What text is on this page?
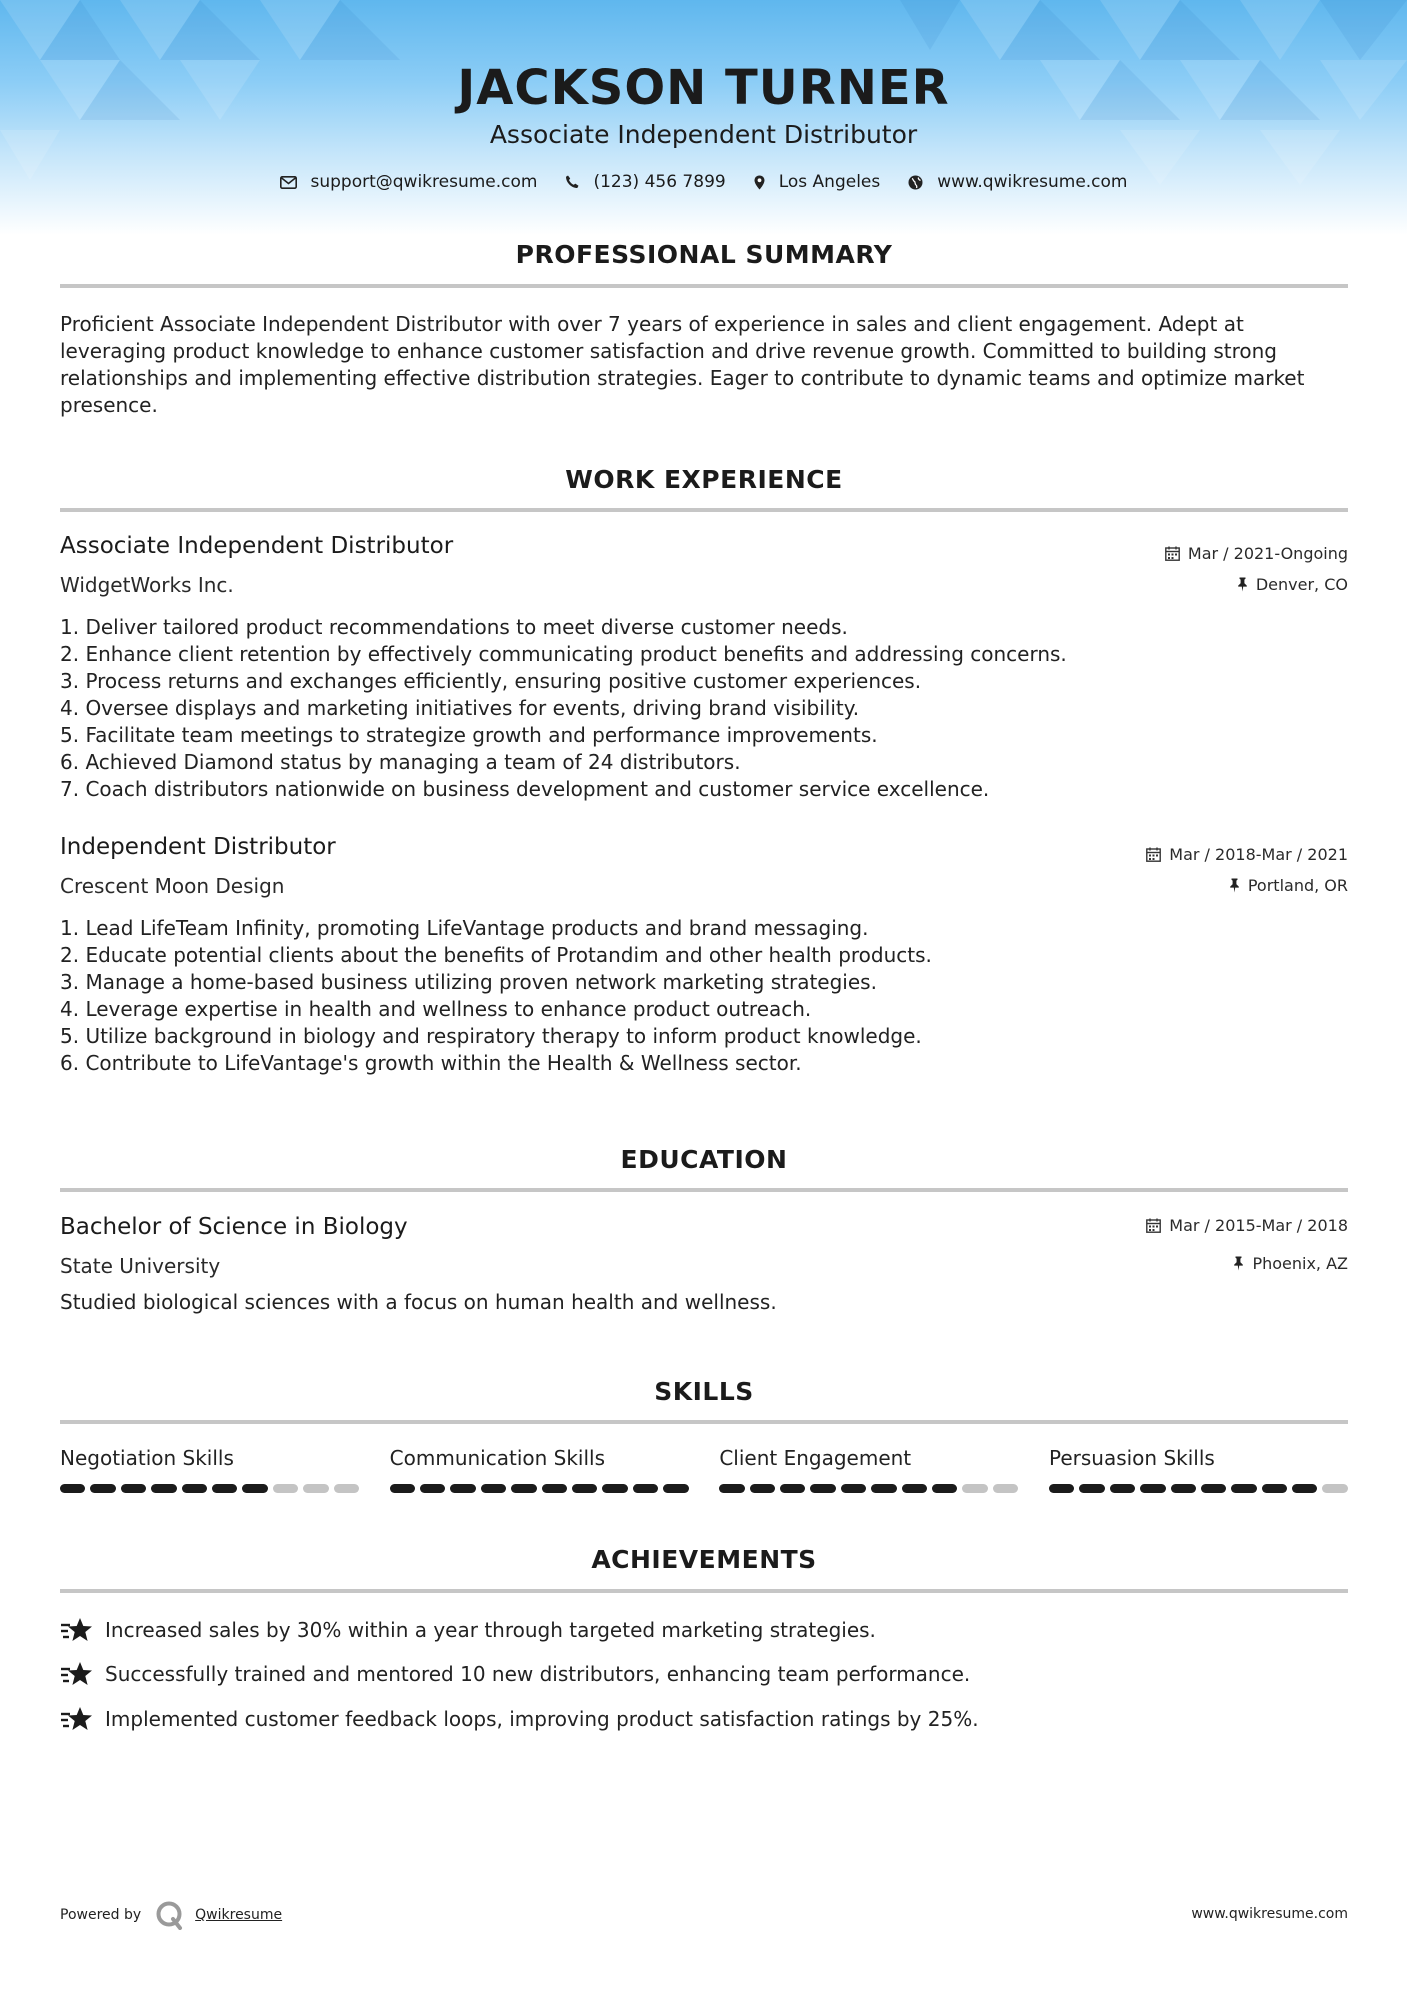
JACKSON TURNER
Associate Independent Distributor
support@qwikresume.com	(123) 456 7899	Los Angeles	www.qwikresume.com
PROFESSIONAL SUMMARY
Proficient Associate Independent Distributor with over 7 years of experience in sales and client engagement. Adept at leveraging product knowledge to enhance customer satisfaction and drive revenue growth. Committed to building strong relationships and implementing effective distribution strategies. Eager to contribute to dynamic teams and optimize market presence.
WORK EXPERIENCE
Associate Independent Distributor	Mar / 2021-Ongoing
WidgetWorks Inc.	Denver, CO
1. Deliver tailored product recommendations to meet diverse customer needs.
2. Enhance client retention by effectively communicating product benefits and addressing concerns.
3. Process returns and exchanges efficiently, ensuring positive customer experiences.
4. Oversee displays and marketing initiatives for events, driving brand visibility.
5. Facilitate team meetings to strategize growth and performance improvements.
6. Achieved Diamond status by managing a team of 24 distributors.
7. Coach distributors nationwide on business development and customer service excellence.
Independent Distributor	Mar / 2018-Mar / 2021
Crescent Moon Design	Portland, OR
1. Lead LifeTeam Infinity, promoting LifeVantage products and brand messaging.
2. Educate potential clients about the benefits of Protandim and other health products.
3. Manage a home-based business utilizing proven network marketing strategies.
4. Leverage expertise in health and wellness to enhance product outreach.
5. Utilize background in biology and respiratory therapy to inform product knowledge.
6. Contribute to LifeVantage's growth within the Health & Wellness sector.
EDUCATION
Bachelor of Science in Biology	Mar / 2015-Mar / 2018
State University	Phoenix, AZ
Studied biological sciences with a focus on human health and wellness.
SKILLS
Negotiation Skills	Communication Skills	Client Engagement	Persuasion Skills
ACHIEVEMENTS
Increased sales by 30% within a year through targeted marketing strategies.
Successfully trained and mentored 10 new distributors, enhancing team performance.
Implemented customer feedback loops, improving product satisfaction ratings by 25%.
Powered by	Qwikresume	www.qwikresume.com
